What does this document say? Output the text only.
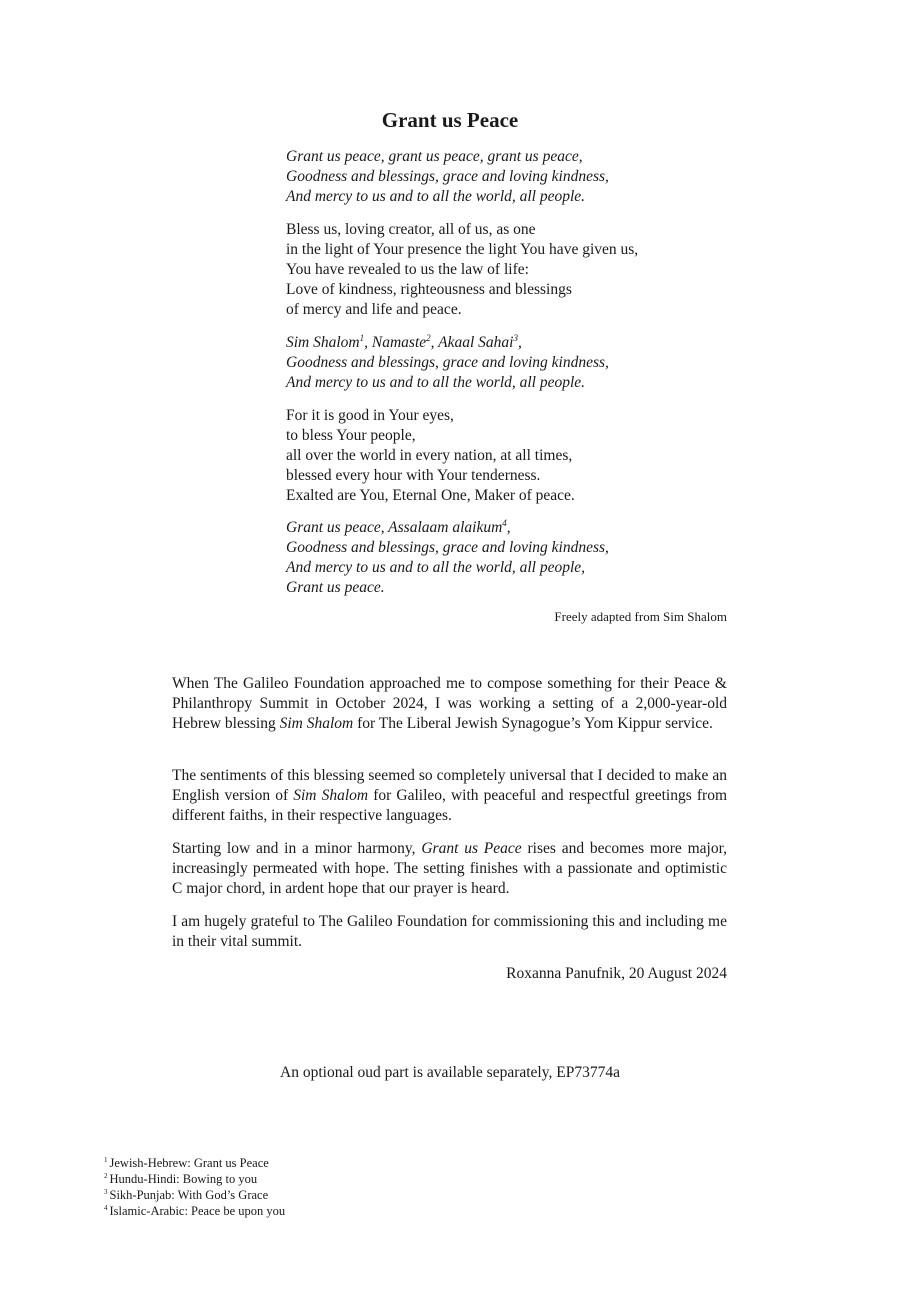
Grant us Peace

Grant us peace, grant us peace, grant us peace,
Goodness and blessings, grace and loving kindness,
And mercy to us and to all the world, all people.

Bless us, loving creator, all of us, as one
in the light of Your presence the light You have given us,
You have revealed to us the law of life:
Love of kindness, righteousness and blessings
of mercy and life and peace.

Sim Shalom$^1$, Namaste$^2$, Akaal Sahai$^3$,
Goodness and blessings, grace and loving kindness,
And mercy to us and to all the world, all people.

For it is good in Your eyes,
to bless Your people,
all over the world in every nation, at all times,
blessed every hour with Your tenderness.
Exalted are You, Eternal One, Maker of peace.

Grant us peace, Assalaam alaikum$^4$,
Goodness and blessings, grace and loving kindness,
And mercy to us and to all the world, all people,
Grant us peace.

Freely adapted from Sim Shalom

When The Galileo Foundation approached me to compose something for their Peace & Philanthropy Summit in October 2024, I was working a setting of a 2,000-year-old Hebrew blessing Sim Shalom for The Liberal Jewish Synagogue’s Yom Kippur service.

The sentiments of this blessing seemed so completely universal that I decided to make an English version of Sim Shalom for Galileo, with peaceful and respectful greetings from different faiths, in their respective languages.

Starting low and in a minor harmony, Grant us Peace rises and becomes more major, increasingly permeated with hope. The setting finishes with a passionate and optimistic C major chord, in ardent hope that our prayer is heard.

I am hugely grateful to The Galileo Foundation for commissioning this and including me in their vital summit.

Roxanna Panufnik, 20 August 2024
An optional oud part is available separately, EP73774a
$^1$ Jewish-Hebrew: Grant us Peace
$^2$ Hundu-Hindi: Bowing to you
$^3$ Sikh-Punjab: With God’s Grace
$^4$ Islamic-Arabic: Peace be upon you
